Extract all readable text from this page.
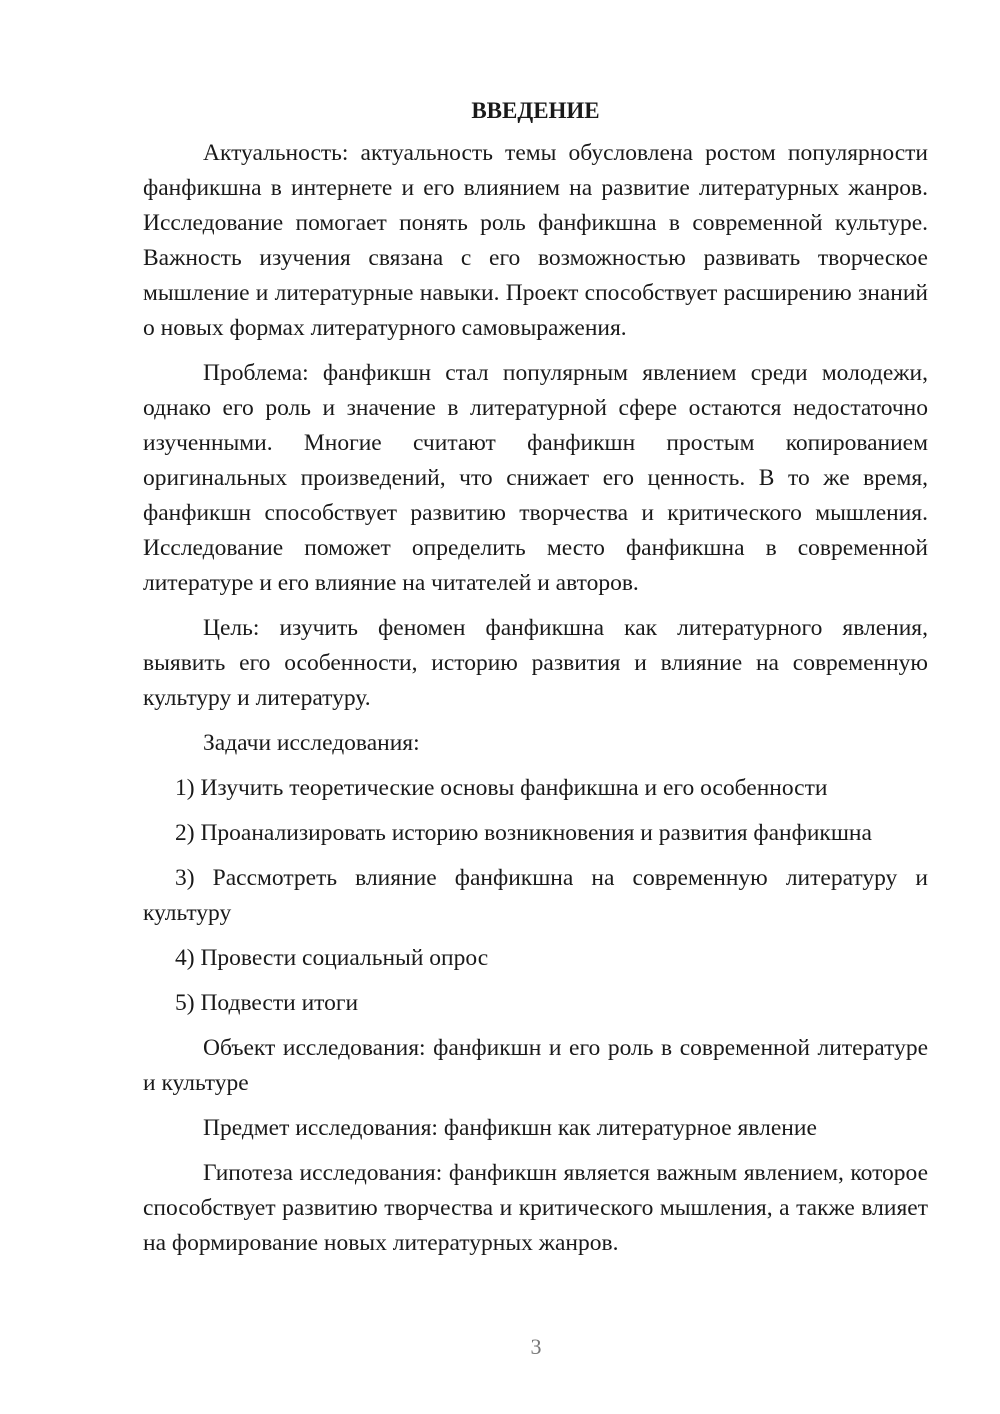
ВВЕДЕНИЕ
Актуальность: актуальность темы обусловлена ростом популярности фанфикшна в интернете и его влиянием на развитие литературных жанров. Исследование помогает понять роль фанфикшна в современной культуре. Важность изучения связана с его возможностью развивать творческое мышление и литературные навыки. Проект способствует расширению знаний о новых формах литературного самовыражения.
Проблема: фанфикшн стал популярным явлением среди молодежи, однако его роль и значение в литературной сфере остаются недостаточно изученными. Многие считают фанфикшн простым копированием оригинальных произведений, что снижает его ценность. В то же время, фанфикшн способствует развитию творчества и критического мышления. Исследование поможет определить место фанфикшна в современной литературе и его влияние на читателей и авторов.
Цель: изучить феномен фанфикшна как литературного явления, выявить его особенности, историю развития и влияние на современную культуру и литературу.
Задачи исследования:
1) Изучить теоретические основы фанфикшна и его особенности
2) Проанализировать историю возникновения и развития фанфикшна
3) Рассмотреть влияние фанфикшна на современную литературу и культуру
4) Провести социальный опрос
5) Подвести итоги
Объект исследования: фанфикшн и его роль в современной литературе и культуре
Предмет исследования: фанфикшн как литературное явление
Гипотеза исследования: фанфикшн является важным явлением, которое способствует развитию творчества и критического мышления, а также влияет на формирование новых литературных жанров.
3
